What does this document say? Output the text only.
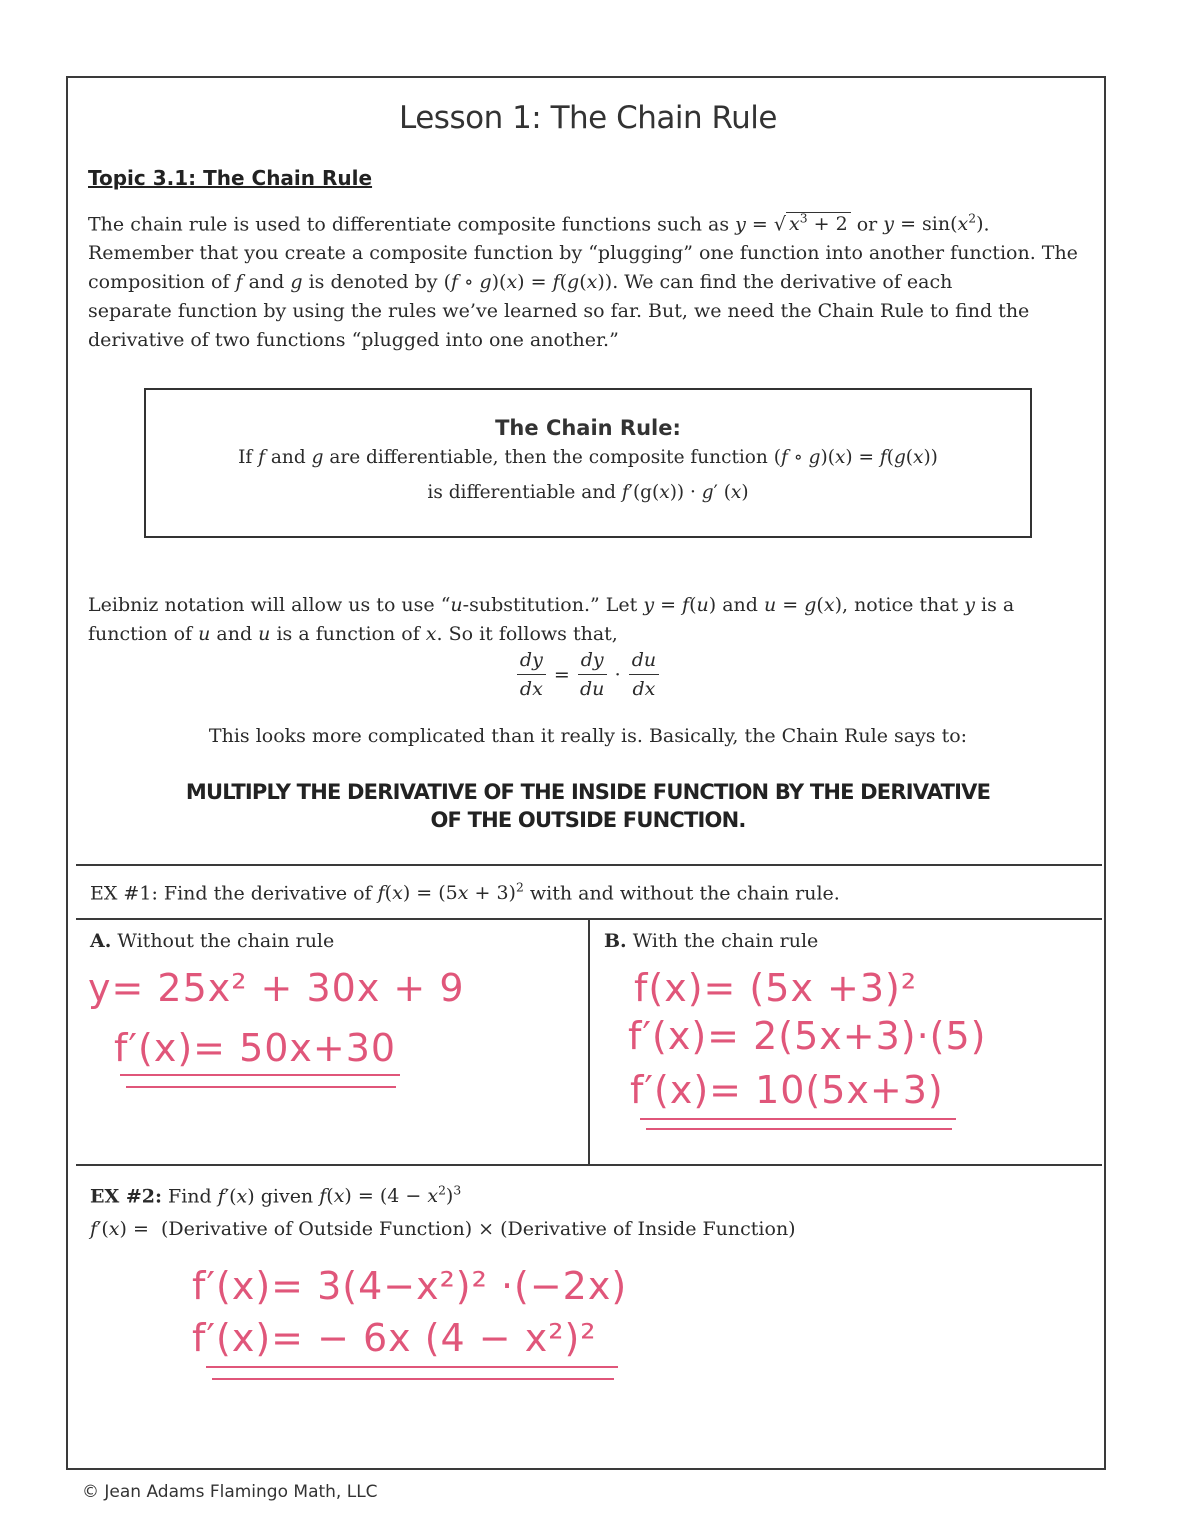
Lesson 1: The Chain Rule
Topic 3.1: The Chain Rule
The chain rule is used to differentiate composite functions such as y = √ $x^3 + 2$ or $y = \sin(x^2)$.
Remember that you create a composite function by “plugging” one function into another function. The
composition of f and g is denoted by (f ∘ g)(x) = f(g(x)). We can find the derivative of each
separate function by using the rules we’ve learned so far. But, we need the Chain Rule to find the
derivative of two functions “plugged into one another.”
The Chain Rule:
If f and g are differentiable, then the composite function (f ∘ g)(x) = f(g(x))
is differentiable and f′(g(x)) · g′ (x)
Leibniz notation will allow us to use “u-substitution.” Let y = f(u) and u = g(x), notice that y is a
function of u and u is a function of x. So it follows that,
$\frac{dy}{dx} = \frac{dy}{du} \cdot \frac{du}{dx}$
This looks more complicated than it really is. Basically, the Chain Rule says to:
MULTIPLY THE DERIVATIVE OF THE INSIDE FUNCTION BY THE DERIVATIVE
OF THE OUTSIDE FUNCTION.
EX #1: Find the derivative of $f(x) = (5x + 3)^2$ with and without the chain rule.
A. Without the chain rule	B. With the chain rule
y= 25x² + 30x + 9
f′(x)= 50x+30
f(x)= (5x +3)²
f′(x)= 2(5x+3)·(5)
f′(x)= 10(5x+3)
EX #2: Find f′(x) given $f(x) = (4 - x^2)^3$
f′(x) =  (Derivative of Outside Function) × (Derivative of Inside Function)
f′(x)= 3(4−x²)² ·(−2x)
f′(x)= − 6x (4 − x²)²
© Jean Adams Flamingo Math, LLC
